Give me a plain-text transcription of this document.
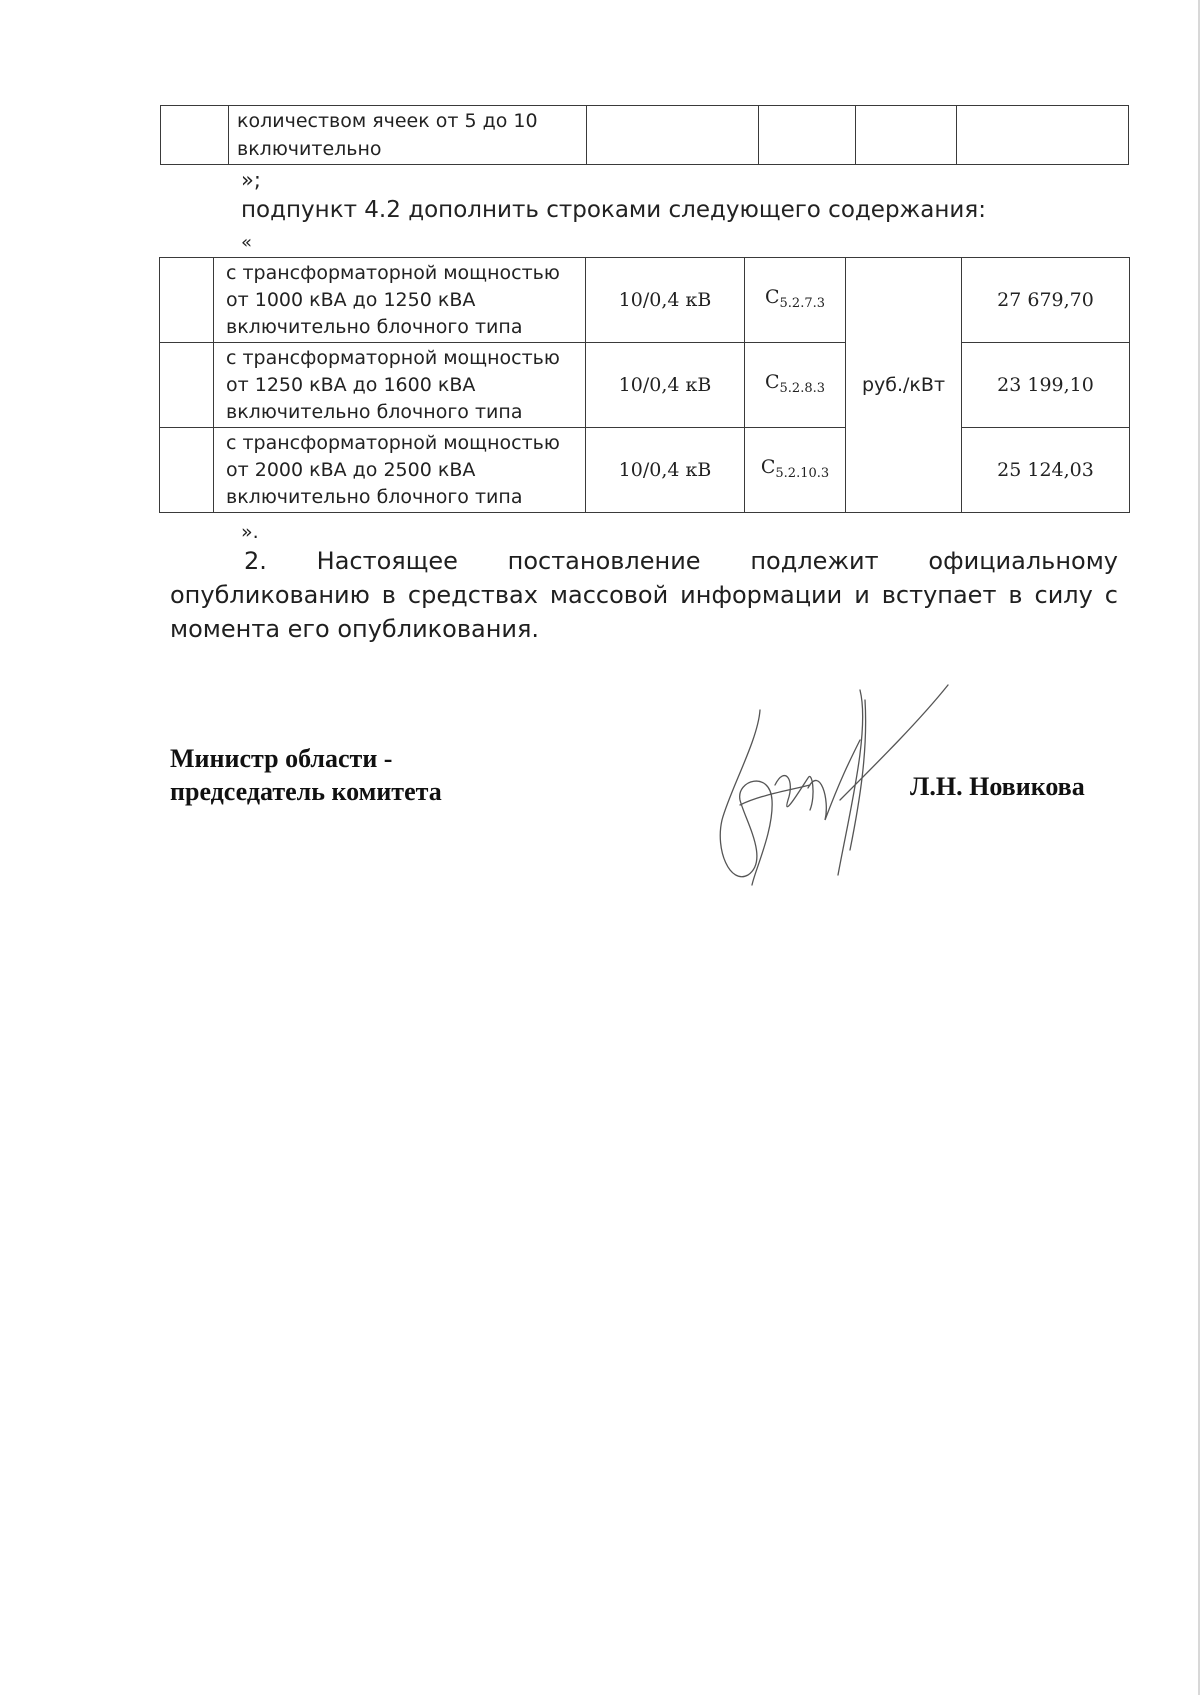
количеством ячеек от 5 до 10
включительно

»;
подпункт 4.2 дополнить строками следующего содержания:
«

	с трансформаторной мощностью
от 1000 кВА до 1250 кВА
включительно блочного типа	10/0,4 кВ	$C_{5.2.7.3}$	руб./кВт	27 679,70

	с трансформаторной мощностью
от 1250 кВА до 1600 кВА
включительно блочного типа	10/0,4 кВ	$C_{5.2.8.3}$		23 199,10

	с трансформаторной мощностью
от 2000 кВА до 2500 кВА
включительно блочного типа	10/0,4 кВ	$C_{5.2.10.3}$		25 124,03
».
2. Настоящее постановление подлежит официальному опубликованию в средствах массовой информации и вступает в силу с момента его опубликования.
Министр области -
председатель комитета	Л.Н. Новикова
